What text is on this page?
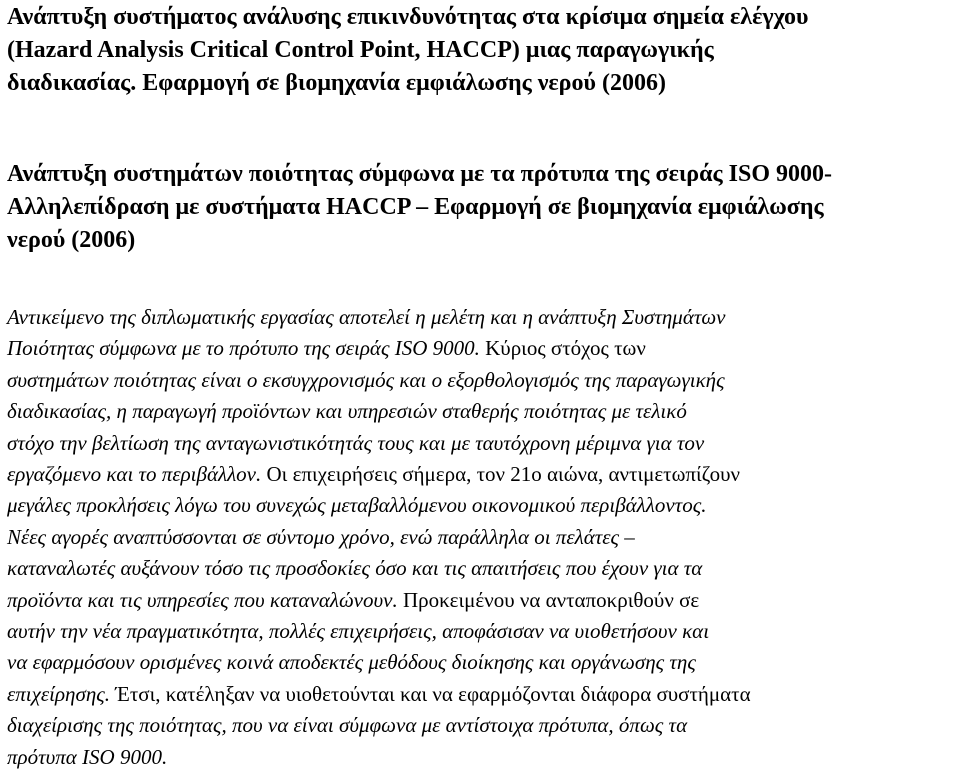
Ανάπτυξη συστήματος ανάλυσης επικινδυνότητας στα κρίσιμα σημεία ελέγχου
(Hazard Analysis Critical Control Point, HACCP) μιας παραγωγικής
διαδικασίας. Εφαρμογή σε βιομηχανία εμφιάλωσης νερού (2006)
Ανάπτυξη συστημάτων ποιότητας σύμφωνα με τα πρότυπα της σειράς ISO 9000-
Αλληλεπίδραση με συστήματα HACCP – Εφαρμογή σε βιομηχανία εμφιάλωσης
νερού (2006)
Αντικείμενο της διπλωματικής εργασίας αποτελεί η μελέτη και η ανάπτυξη Συστημάτων
Ποιότητας σύμφωνα με το πρότυπο της σειράς ISO 9000. Κύριος στόχος των
συστημάτων ποιότητας είναι ο εκσυγχρονισμός και ο εξορθολογισμός της παραγωγικής
διαδικασίας, η παραγωγή προϊόντων και υπηρεσιών σταθερής ποιότητας με τελικό
στόχο την βελτίωση της ανταγωνιστικότητάς τους και με ταυτόχρονη μέριμνα για τον
εργαζόμενο και το περιβάλλον. Οι επιχειρήσεις σήμερα, τον 21ο αιώνα, αντιμετωπίζουν
μεγάλες προκλήσεις λόγω του συνεχώς μεταβαλλόμενου οικονομικού περιβάλλοντος.
Νέες αγορές αναπτύσσονται σε σύντομο χρόνο, ενώ παράλληλα οι πελάτες –
καταναλωτές αυξάνουν τόσο τις προσδοκίες όσο και τις απαιτήσεις που έχουν για τα
προϊόντα και τις υπηρεσίες που καταναλώνουν. Προκειμένου να ανταποκριθούν σε
αυτήν την νέα πραγματικότητα, πολλές επιχειρήσεις, αποφάσισαν να υιοθετήσουν και
να εφαρμόσουν ορισμένες κοινά αποδεκτές μεθόδους διοίκησης και οργάνωσης της
επιχείρησης. Έτσι, κατέληξαν να υιοθετούνται και να εφαρμόζονται διάφορα συστήματα
διαχείρισης της ποιότητας, που να είναι σύμφωνα με αντίστοιχα πρότυπα, όπως τα
πρότυπα ISO 9000.
